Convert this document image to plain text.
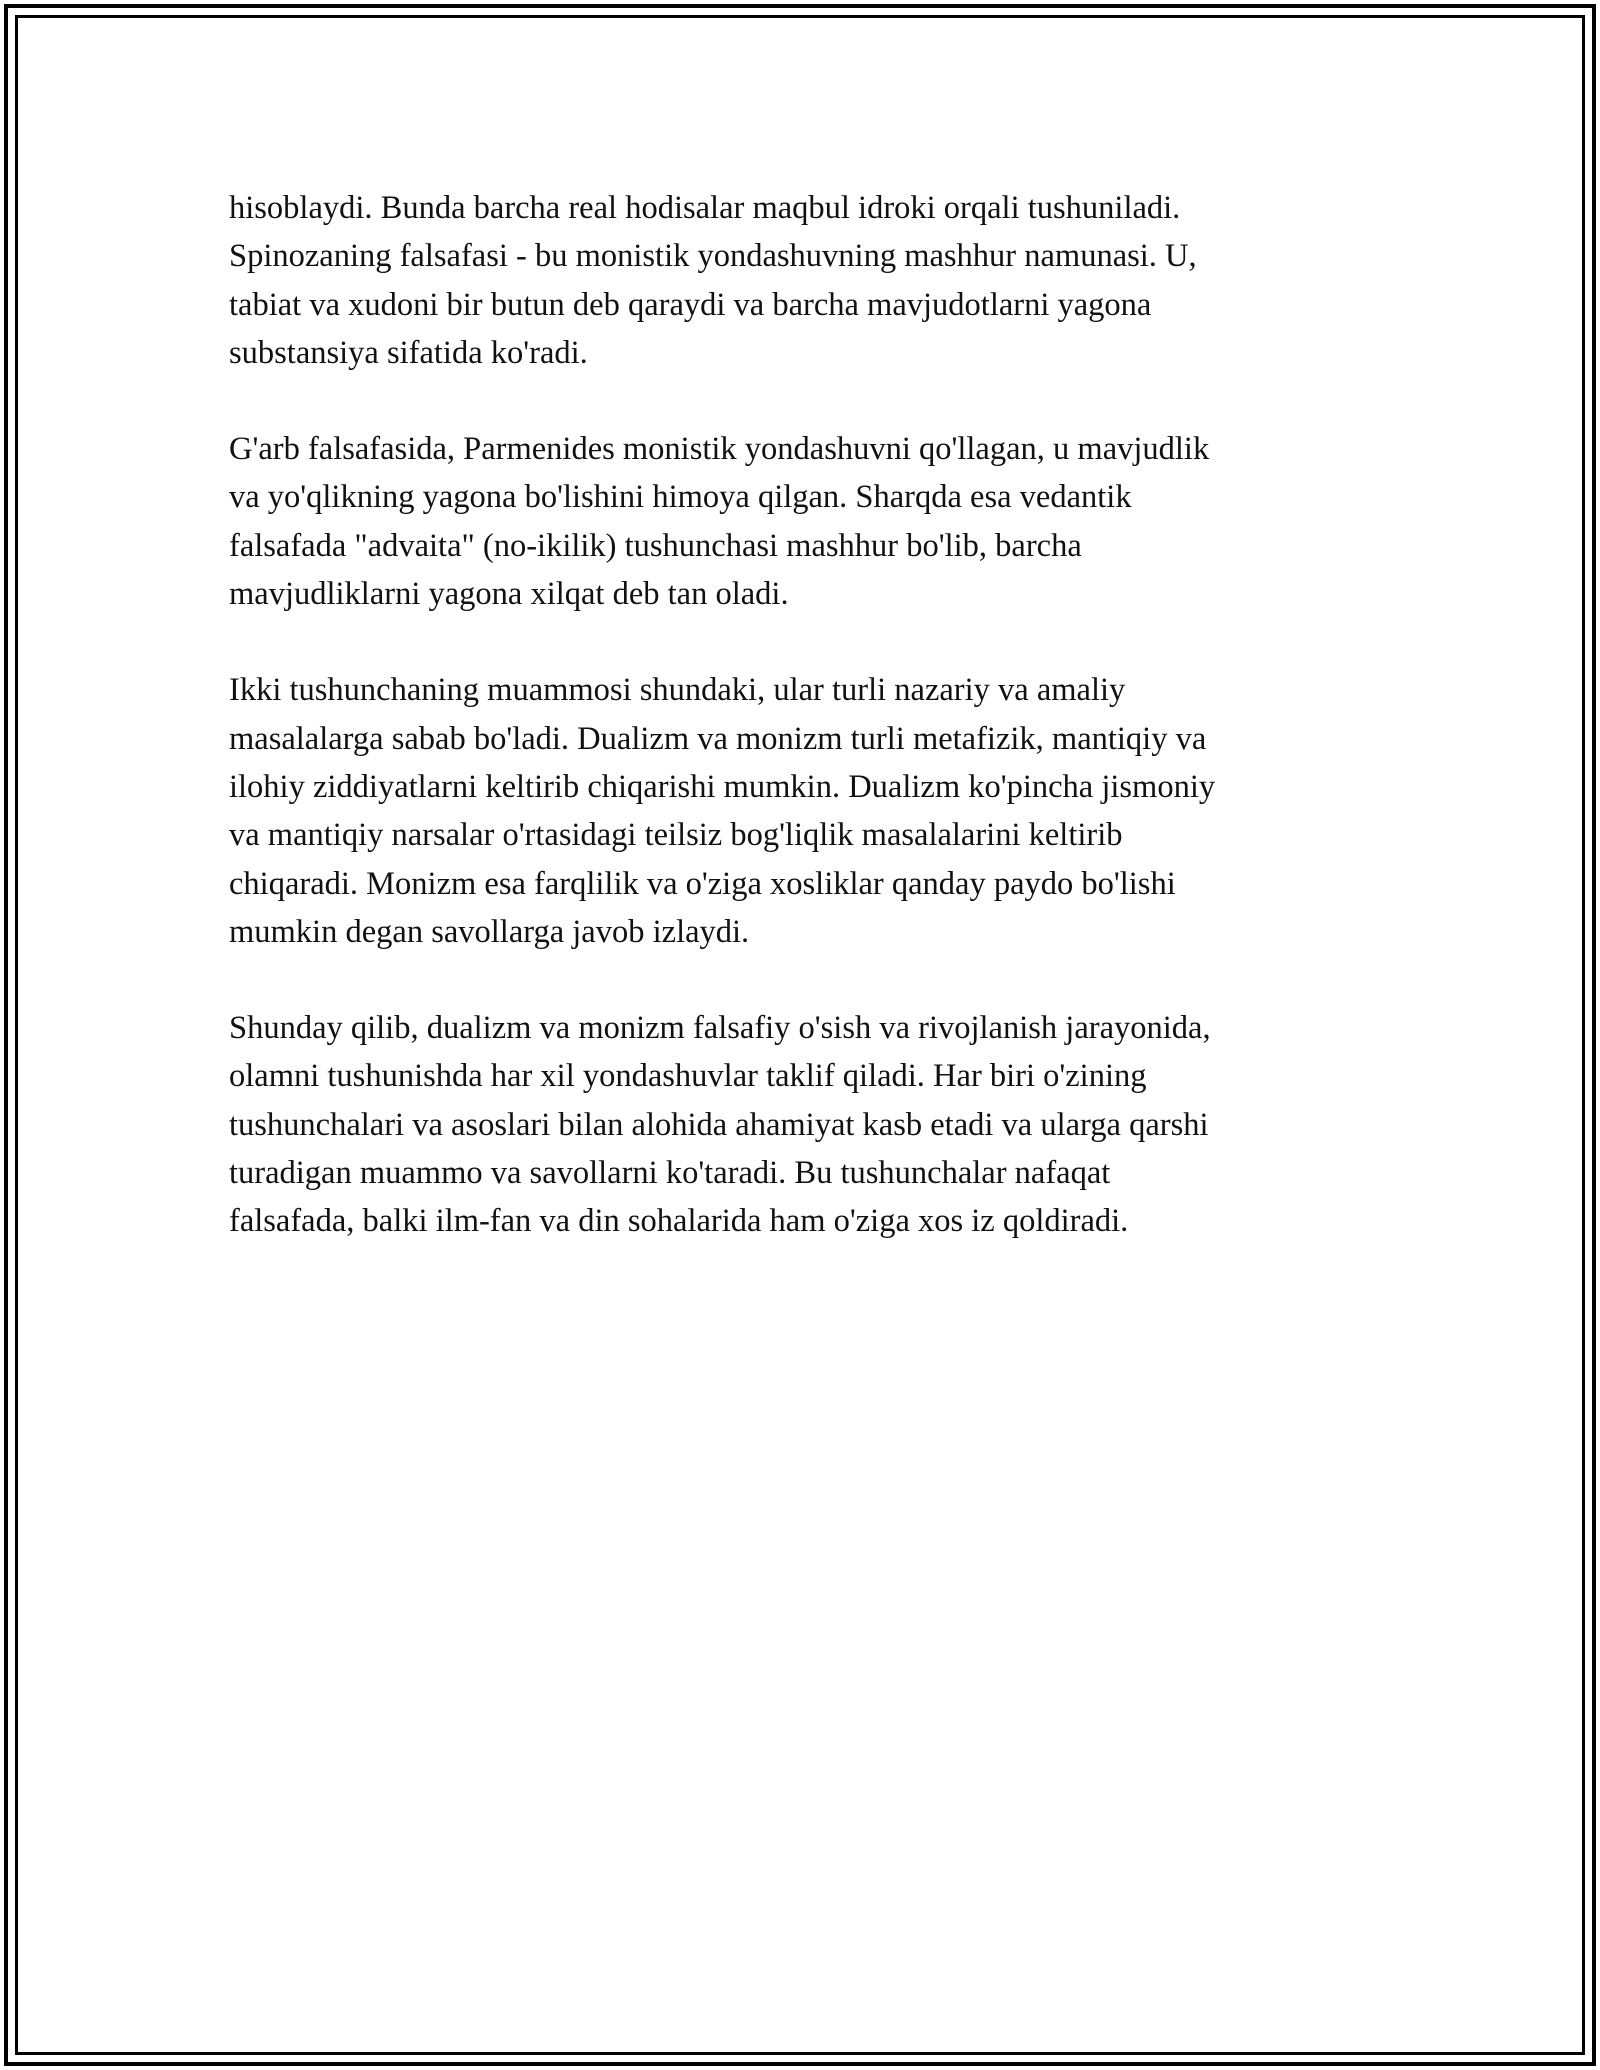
hisoblaydi. Bunda barcha real hodisalar maqbul idroki orqali tushuniladi.
Spinozaning falsafasi - bu monistik yondashuvning mashhur namunasi. U,
tabiat va xudoni bir butun deb qaraydi va barcha mavjudotlarni yagona
substansiya sifatida ko'radi.

G'arb falsafasida, Parmenides monistik yondashuvni qo'llagan, u mavjudlik
va yo'qlikning yagona bo'lishini himoya qilgan. Sharqda esa vedantik
falsafada "advaita" (no-ikilik) tushunchasi mashhur bo'lib, barcha
mavjudliklarni yagona xilqat deb tan oladi.

Ikki tushunchaning muammosi shundaki, ular turli nazariy va amaliy
masalalarga sabab bo'ladi. Dualizm va monizm turli metafizik, mantiqiy va
ilohiy ziddiyatlarni keltirib chiqarishi mumkin. Dualizm ko'pincha jismoniy
va mantiqiy narsalar o'rtasidagi teilsiz bog'liqlik masalalarini keltirib
chiqaradi. Monizm esa farqlilik va o'ziga xosliklar qanday paydo bo'lishi
mumkin degan savollarga javob izlaydi.

Shunday qilib, dualizm va monizm falsafiy o'sish va rivojlanish jarayonida,
olamni tushunishda har xil yondashuvlar taklif qiladi. Har biri o'zining
tushunchalari va asoslari bilan alohida ahamiyat kasb etadi va ularga qarshi
turadigan muammo va savollarni ko'taradi. Bu tushunchalar nafaqat
falsafada, balki ilm-fan va din sohalarida ham o'ziga xos iz qoldiradi.
